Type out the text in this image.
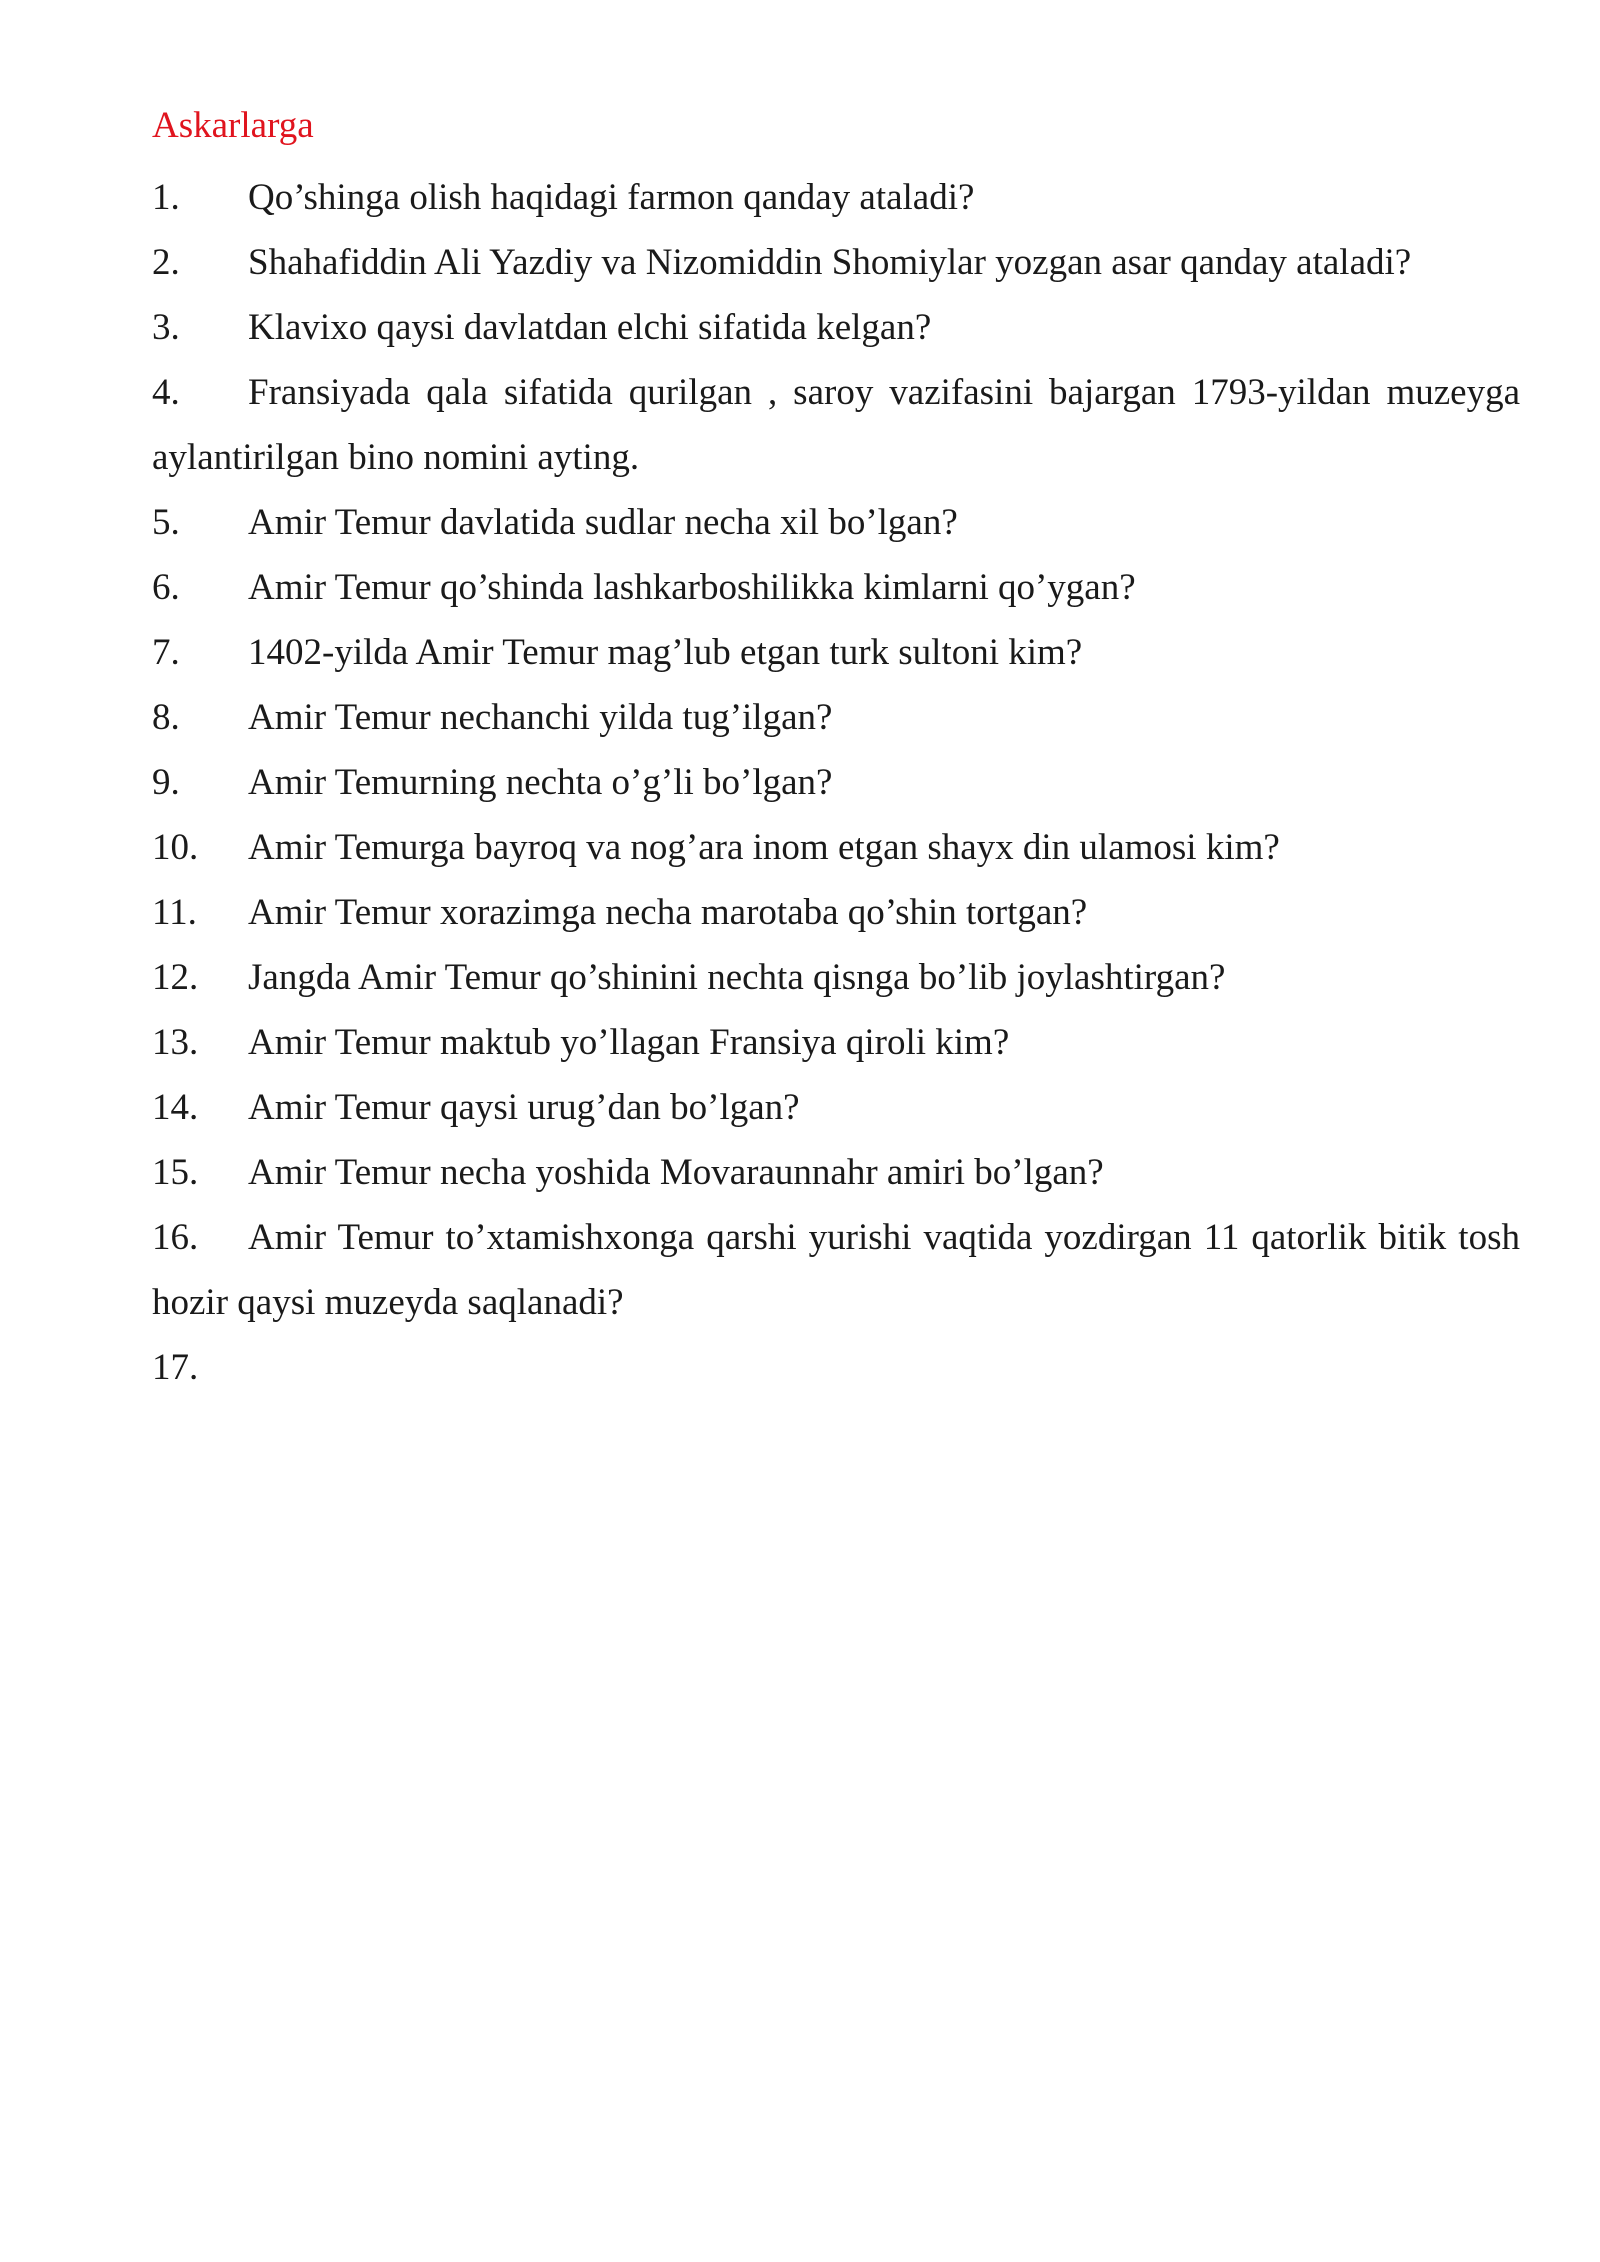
Askarlarga
1. Qo’shinga olish haqidagi farmon qanday ataladi?
2. Shahafiddin Ali Yazdiy va Nizomiddin Shomiylar yozgan asar qanday ataladi?
3. Klavixo qaysi davlatdan elchi sifatida kelgan?
4. Fransiyada qala sifatida qurilgan , saroy vazifasini bajargan 1793-yildan muzeyga aylantirilgan bino nomini ayting.
5. Amir Temur davlatida sudlar necha xil bo’lgan?
6. Amir Temur qo’shinda lashkarboshilikka kimlarni qo’ygan?
7. 1402-yilda Amir Temur mag’lub etgan turk sultoni kim?
8. Amir Temur nechanchi yilda tug’ilgan?
9. Amir Temurning nechta o’g’li bo’lgan?
10. Amir Temurga bayroq va nog’ara inom etgan shayx din ulamosi kim?
11. Amir Temur xorazimga necha marotaba qo’shin tortgan?
12. Jangda Amir Temur qo’shinini nechta qisnga bo’lib joylashtirgan?
13. Amir Temur maktub yo’llagan Fransiya qiroli kim?
14. Amir Temur qaysi urug’dan bo’lgan?
15. Amir Temur necha yoshida Movaraunnahr amiri bo’lgan?
16. Amir Temur to’xtamishxonga qarshi yurishi vaqtida yozdirgan 11 qatorlik bitik tosh hozir qaysi muzeyda saqlanadi?
17.
